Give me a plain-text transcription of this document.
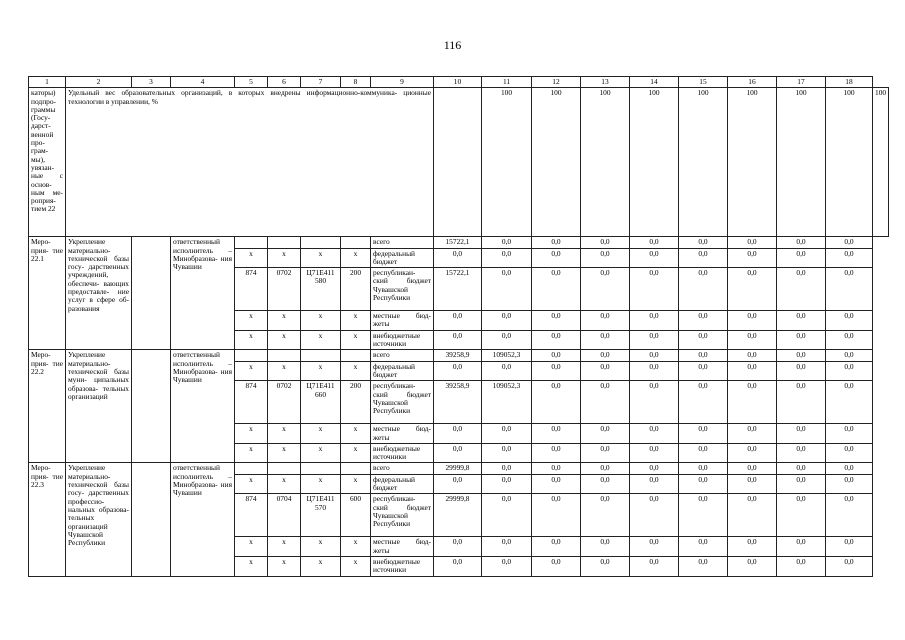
116
1	2	3	4	5	6	7	8	9	10	11	12	13	14	15	16	17	18	
каторы) подпро- граммы (Госу- дарст- венной про- грам- мы), увязан- ные с основ- ным ме- роприя- тием 22	Удельный вес образовательных организаций, в которых внедрены информационно-коммуника- ционные технологии в управлении, %									100	100	100	100	100	100	100	100	100
Меро- прия- тие 22.1	Укрепление материально- технической базы госу- дарственных учреждений, обеспечи- вающих предоставле- ние услуг в сфере об- разования		ответственный исполнитель – Минобразова- ния Чувашии					всего	15722,1	0,0	0,0	0,0	0,0	0,0	0,0	0,0	0,0	
				х	х	х	х	федеральный бюджет	0,0	0,0	0,0	0,0	0,0	0,0	0,0	0,0	0,0	
				874	0702	Ц71Е411 580	200	республикан- ский бюджет Чувашской Республики	15722,1	0,0	0,0	0,0	0,0	0,0	0,0	0,0	0,0	
				х	х	х	х	местные бюд- жеты	0,0	0,0	0,0	0,0	0,0	0,0	0,0	0,0	0,0	
				х	х	х	х	внебюджетные источники	0,0	0,0	0,0	0,0	0,0	0,0	0,0	0,0	0,0	
Меро- прия- тие 22.2	Укрепление материально- технической базы муни- ципальных образова- тельных организаций		ответственный исполнитель – Минобразова- ния Чувашии					всего	39258,9	109052,3	0,0	0,0	0,0	0,0	0,0	0,0	0,0	
				х	х	х	х	федеральный бюджет	0,0	0,0	0,0	0,0	0,0	0,0	0,0	0,0	0,0	
				874	0702	Ц71Е411 660	200	республикан- ский бюджет Чувашской Республики	39258,9	109052,3	0,0	0,0	0,0	0,0	0,0	0,0	0,0	
				х	х	х	х	местные бюд- жеты	0,0	0,0	0,0	0,0	0,0	0,0	0,0	0,0	0,0	
				х	х	х	х	внебюджетные источники	0,0	0,0	0,0	0,0	0,0	0,0	0,0	0,0	0,0	
Меро- прия- тие 22.3	Укрепление материально- технической базы госу- дарственных профессио- нальных образова- тельных организаций Чувашской Республики		ответственный исполнитель – Минобразова- ния Чувашии					всего	29999,8	0,0	0,0	0,0	0,0	0,0	0,0	0,0	0,0	
				х	х	х	х	федеральный бюджет	0,0	0,0	0,0	0,0	0,0	0,0	0,0	0,0	0,0	
				874	0704	Ц71Е411 570	600	республикан- ский бюджет Чувашской Республики	29999,8	0,0	0,0	0,0	0,0	0,0	0,0	0,0	0,0	
				х	х	х	х	местные бюд- жеты	0,0	0,0	0,0	0,0	0,0	0,0	0,0	0,0	0,0	
				х	х	х	х	внебюджетные источники	0,0	0,0	0,0	0,0	0,0	0,0	0,0	0,0	0,0	
